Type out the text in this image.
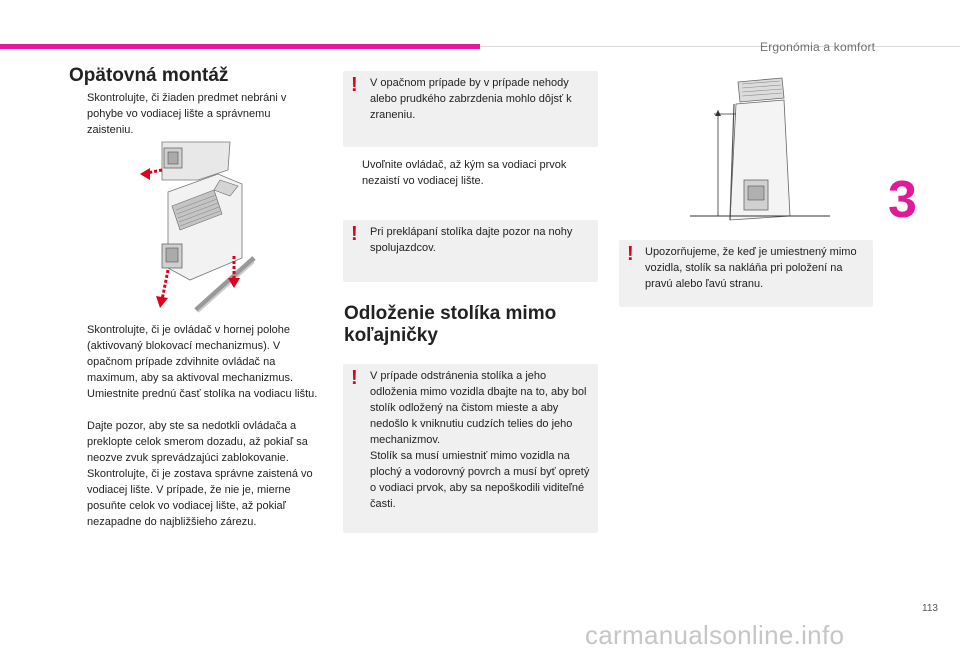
Ergonómia a komfort
3
113
carmanualsonline.info
Opätovná montáž
Skontrolujte, či žiaden predmet nebráni v pohybe vo vodiacej lište a správnemu zaisteniu.
Skontrolujte, či je ovládač v hornej polohe (aktivovaný blokovací mechanizmus). V opačnom prípade zdvihnite ovládač na maximum, aby sa aktivoval mechanizmus.
Umiestnite prednú časť stolíka na vodiacu lištu.
Dajte pozor, aby ste sa nedotkli ovládača a preklopte celok smerom dozadu, až pokiaľ sa neozve zvuk sprevádzajúci zablokovanie.
Skontrolujte, či je zostava správne zaistená vo vodiacej lište. V prípade, že nie je, mierne posuňte celok vo vodiacej lište, až pokiaľ nezapadne do najbližšieho zárezu.
! V opačnom prípade by v prípade nehody alebo prudkého zabrzdenia mohlo dôjsť k zraneniu.
Uvoľnite ovládač, až kým sa vodiaci prvok nezaistí vo vodiacej lište.
! Pri preklápaní stolíka dajte pozor na nohy spolujazdcov.
Odloženie stolíka mimo koľajničky
! V prípade odstránenia stolíka a jeho odloženia mimo vozidla dbajte na to, aby bol stolík odložený na čistom mieste a aby nedošlo k vniknutiu cudzích telies do jeho mechanizmov.
Stolík sa musí umiestniť mimo vozidla na plochý a vodorovný povrch a musí byť opretý o vodiaci prvok, aby sa nepoškodili viditeľné časti.
! Upozorňujeme, že keď je umiestnený mimo vozidla, stolík sa nakláňa pri položení na pravú alebo ľavú stranu.
